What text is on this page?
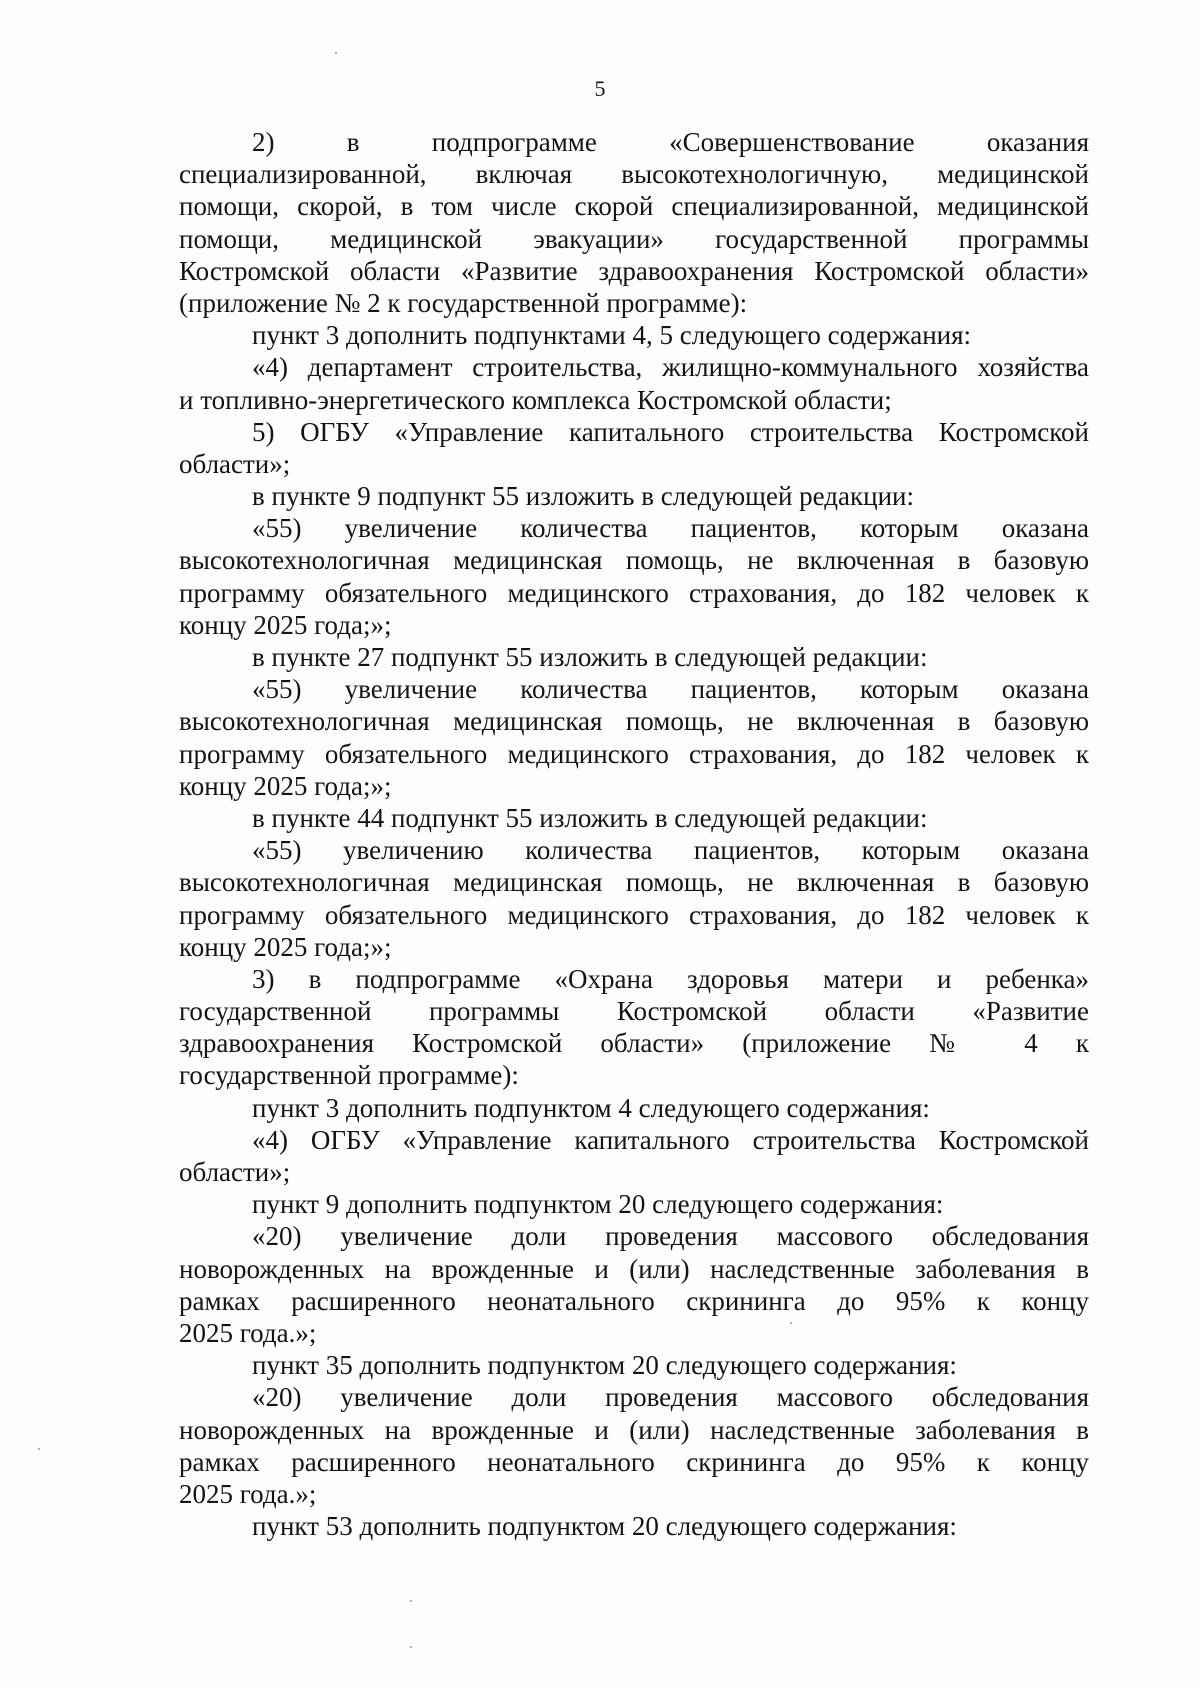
5
2) в подпрограмме «Совершенствование оказания
специализированной, включая высокотехнологичную, медицинской
помощи, скорой, в том числе скорой специализированной, медицинской
помощи, медицинской эвакуации» государственной программы
Костромской области «Развитие здравоохранения Костромской области»
(приложение № 2 к государственной программе):
пункт 3 дополнить подпунктами 4, 5 следующего содержания:
«4) департамент строительства, жилищно-коммунального хозяйства
и топливно-энергетического комплекса Костромской области;
5) ОГБУ «Управление капитального строительства Костромской
области»;
в пункте 9 подпункт 55 изложить в следующей редакции:
«55) увеличение количества пациентов, которым оказана
высокотехнологичная медицинская помощь, не включенная в базовую
программу обязательного медицинского страхования, до 182 человек к
концу 2025 года;»;
в пункте 27 подпункт 55 изложить в следующей редакции:
«55) увеличение количества пациентов, которым оказана
высокотехнологичная медицинская помощь, не включенная в базовую
программу обязательного медицинского страхования, до 182 человек к
концу 2025 года;»;
в пункте 44 подпункт 55 изложить в следующей редакции:
«55) увеличению количества пациентов, которым оказана
высокотехнологичная медицинская помощь, не включенная в базовую
программу обязательного медицинского страхования, до 182 человек к
концу 2025 года;»;
3) в подпрограмме «Охрана здоровья матери и ребенка»
государственной программы Костромской области «Развитие
здравоохранения Костромской области» (приложение № 4 к
государственной программе):
пункт 3 дополнить подпунктом 4 следующего содержания:
«4) ОГБУ «Управление капитального строительства Костромской
области»;
пункт 9 дополнить подпунктом 20 следующего содержания:
«20) увеличение доли проведения массового обследования
новорожденных на врожденные и (или) наследственные заболевания в
рамках расширенного неонатального скрининга до 95% к концу
2025 года.»;
пункт 35 дополнить подпунктом 20 следующего содержания:
«20) увеличение доли проведения массового обследования
новорожденных на врожденные и (или) наследственные заболевания в
рамках расширенного неонатального скрининга до 95% к концу
2025 года.»;
пункт 53 дополнить подпунктом 20 следующего содержания:
